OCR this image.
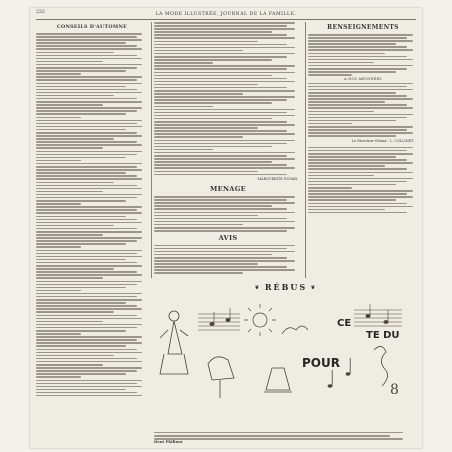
232	LA MODE ILLUSTRÉE, JOURNAL DE LA FAMILLE.
CONSEILS D'AUTOMNE
MARGUERITE DUMAY.
MENAGE
AVIS
RENSEIGNEMENTS
A NOS ABONNÉES
Le Directeur-Gérant : L. COLLINET.
❦ RÉBUS ❦
8
CE
POUR
TE DU
Dent Philinor
